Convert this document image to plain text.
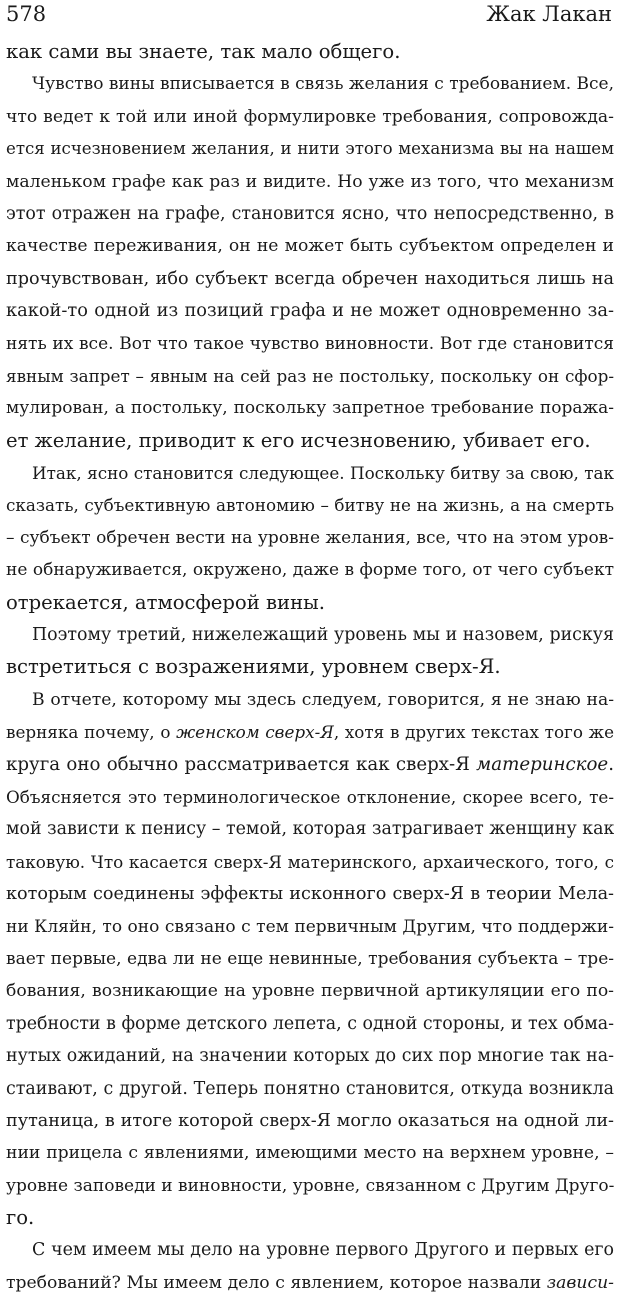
578	Жак Лакан
как сами вы знаете, так мало общего.
Чувство вины вписывается в связь желания с требованием. Все,
что ведет к той или иной формулировке требования, сопровожда-
ется исчезновением желания, и нити этого механизма вы на нашем
маленьком графе как раз и видите. Но уже из того, что механизм
этот отражен на графе, становится ясно, что непосредственно, в
качестве переживания, он не может быть субъектом определен и
прочувствован, ибо субъект всегда обречен находиться лишь на
какой-то одной из позиций графа и не может одновременно за-
нять их все. Вот что такое чувство виновности. Вот где становится
явным запрет – явным на сей раз не постольку, поскольку он сфор-
мулирован, а постольку, поскольку запретное требование поража-
ет желание, приводит к его исчезновению, убивает его.
Итак, ясно становится следующее. Поскольку битву за свою, так
сказать, субъективную автономию – битву не на жизнь, а на смерть
– субъект обречен вести на уровне желания, все, что на этом уров-
не обнаруживается, окружено, даже в форме того, от чего субъект
отрекается, атмосферой вины.
Поэтому третий, нижележащий уровень мы и назовем, рискуя
встретиться с возражениями, уровнем сверх-Я.
В отчете, которому мы здесь следуем, говорится, я не знаю на-
верняка почему, о женском сверх-Я, хотя в других текстах того же
круга оно обычно рассматривается как сверх-Я материнское.
Объясняется это терминологическое отклонение, скорее всего, те-
мой зависти к пенису – темой, которая затрагивает женщину как
таковую. Что касается сверх-Я материнского, архаического, того, с
которым соединены эффекты исконного сверх-Я в теории Мела-
ни Кляйн, то оно связано с тем первичным Другим, что поддержи-
вает первые, едва ли не еще невинные, требования субъекта – тре-
бования, возникающие на уровне первичной артикуляции его по-
требности в форме детского лепета, с одной стороны, и тех обма-
нутых ожиданий, на значении которых до сих пор многие так на-
стаивают, с другой. Теперь понятно становится, откуда возникла
путаница, в итоге которой сверх-Я могло оказаться на одной ли-
нии прицела с явлениями, имеющими место на верхнем уровне, –
уровне заповеди и виновности, уровне, связанном с Другим Друго-
го.
С чем имеем мы дело на уровне первого Другого и первых его
требований? Мы имеем дело с явлением, которое назвали зависи-
